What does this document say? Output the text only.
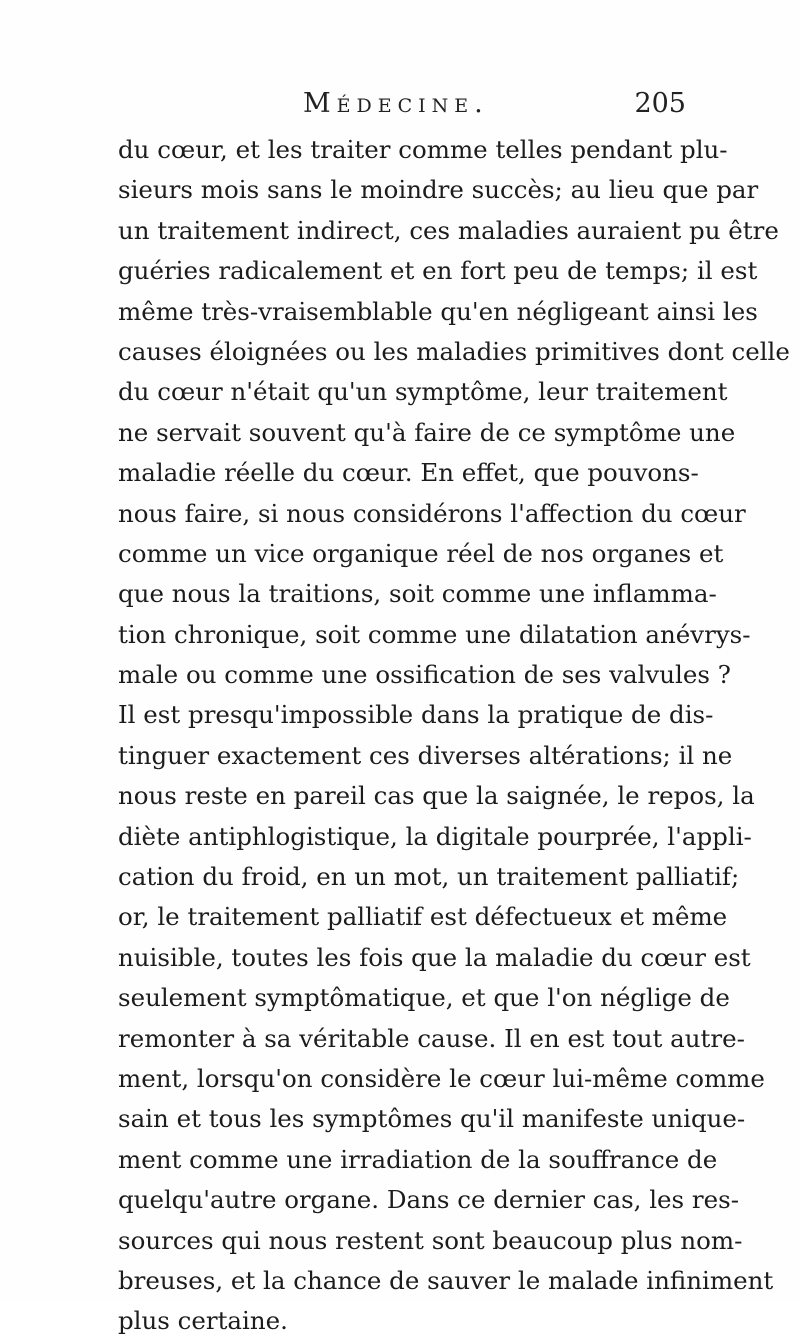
Médecine.	205
du cœur, et les traiter comme telles pendant plu-
sieurs mois sans le moindre succès; au lieu que par
un traitement indirect, ces maladies auraient pu être
guéries radicalement et en fort peu de temps; il est
même très-vraisemblable qu'en négligeant ainsi les
causes éloignées ou les maladies primitives dont celle
du cœur n'était qu'un symptôme, leur traitement
ne servait souvent qu'à faire de ce symptôme une
maladie réelle du cœur. En effet, que pouvons-
nous faire, si nous considérons l'affection du cœur
comme un vice organique réel de nos organes et
que nous la traitions, soit comme une inflamma-
tion chronique, soit comme une dilatation anévrys-
male ou comme une ossification de ses valvules ?
Il est presqu'impossible dans la pratique de dis-
tinguer exactement ces diverses altérations; il ne
nous reste en pareil cas que la saignée, le repos, la
diète antiphlogistique, la digitale pourprée, l'appli-
cation du froid, en un mot, un traitement palliatif;
or, le traitement palliatif est défectueux et même
nuisible, toutes les fois que la maladie du cœur est
seulement symptômatique, et que l'on néglige de
remonter à sa véritable cause. Il en est tout autre-
ment, lorsqu'on considère le cœur lui-même comme
sain et tous les symptômes qu'il manifeste unique-
ment comme une irradiation de la souffrance de
quelqu'autre organe. Dans ce dernier cas, les res-
sources qui nous restent sont beaucoup plus nom-
breuses, et la chance de sauver le malade infiniment
plus certaine.
